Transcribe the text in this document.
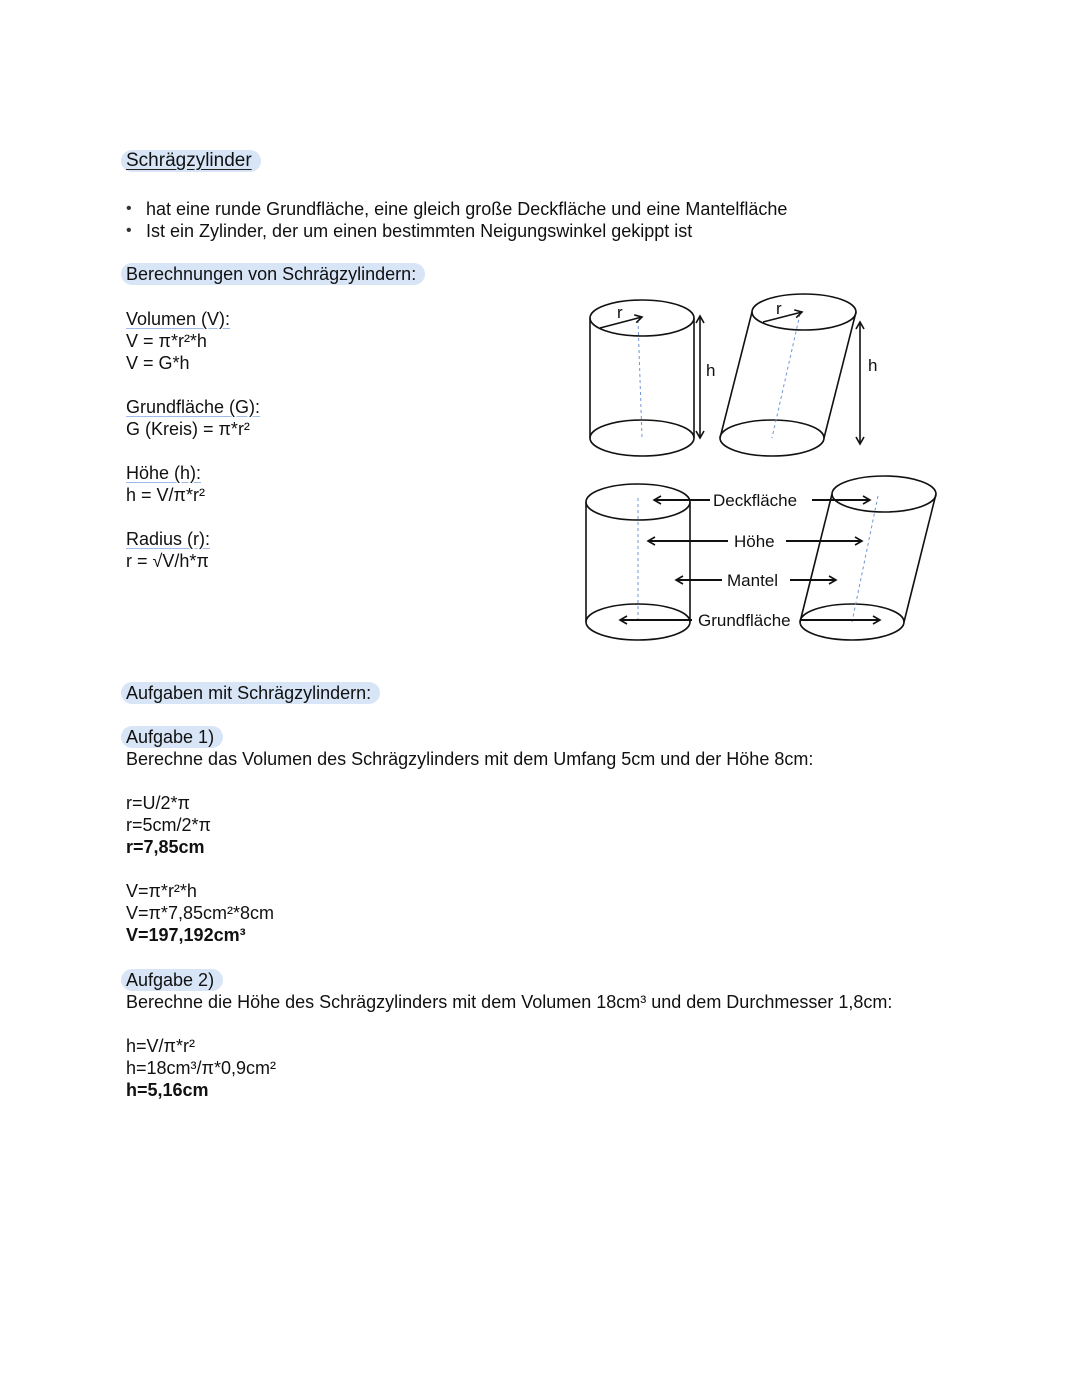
Schrägzylinder
• hat eine runde Grundfläche, eine gleich große Deckfläche und eine Mantelfläche
• Ist ein Zylinder, der um einen bestimmten Neigungswinkel gekippt ist
Berechnungen von Schrägzylindern:
Volumen (V):
V = π*r²*h
V = G*h
Grundfläche (G):
G (Kreis) = π*r²
Höhe (h):
h = V/π*r²
Radius (r):
r = √V/h*π
r
h
r
h
Deckfläche
Höhe
Mantel
Grundfläche
Aufgaben mit Schrägzylindern:
Aufgabe 1)
Berechne das Volumen des Schrägzylinders mit dem Umfang 5cm und der Höhe 8cm:
r=U/2*π
r=5cm/2*π
r=7,85cm
V=π*r²*h
V=π*7,85cm²*8cm
V=197,192cm³
Aufgabe 2)
Berechne die Höhe des Schrägzylinders mit dem Volumen 18cm³ und dem Durchmesser 1,8cm:
h=V/π*r²
h=18cm³/π*0,9cm²
h=5,16cm
